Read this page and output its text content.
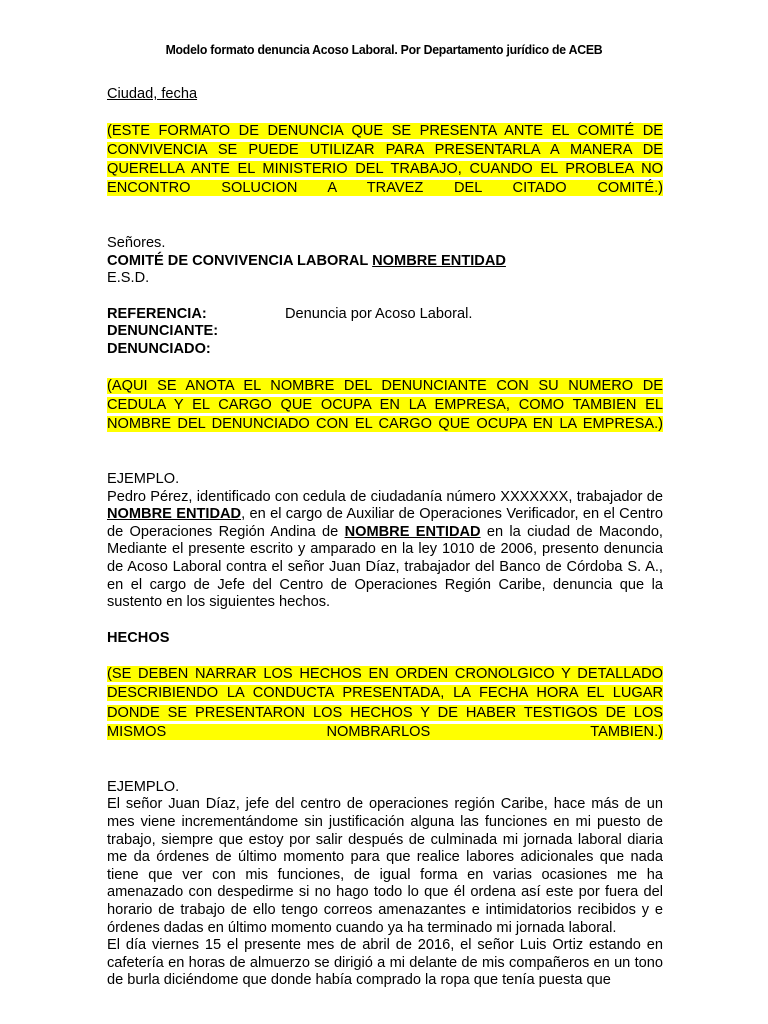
Modelo formato denuncia Acoso Laboral. Por Departamento jurídico de ACEB

Ciudad, fecha

(ESTE FORMATO DE DENUNCIA QUE SE PRESENTA ANTE EL COMITÉ DE CONVIVENCIA SE PUEDE UTILIZAR PARA PRESENTARLA A MANERA DE QUERELLA ANTE EL MINISTERIO DEL TRABAJO, CUANDO EL PROBLEA NO ENCONTRO SOLUCION A TRAVEZ DEL CITADO COMITÉ.)

Señores.

COMITÉ DE CONVIVENCIA LABORAL NOMBRE ENTIDAD

E.S.D.

REFERENCIA:	Denuncia por Acoso Laboral.
DENUNCIANTE:
DENUNCIADO:

(AQUI SE ANOTA EL NOMBRE DEL DENUNCIANTE CON SU NUMERO DE CEDULA Y EL CARGO QUE OCUPA EN LA EMPRESA, COMO TAMBIEN EL NOMBRE DEL DENUNCIADO CON EL CARGO QUE OCUPA EN LA EMPRESA.)

EJEMPLO.

Pedro Pérez, identificado con cedula de ciudadanía número XXXXXXX, trabajador de NOMBRE ENTIDAD, en el cargo de Auxiliar de Operaciones Verificador, en el Centro de Operaciones Región Andina de NOMBRE ENTIDAD en la ciudad de Macondo, Mediante el presente escrito y amparado en la ley 1010 de 2006, presento denuncia de Acoso Laboral contra el señor Juan Díaz, trabajador del Banco de Córdoba S. A., en el cargo de Jefe del Centro de Operaciones Región Caribe, denuncia que la sustento en los siguientes hechos.

HECHOS

(SE DEBEN NARRAR LOS HECHOS EN ORDEN CRONOLGICO Y DETALLADO DESCRIBIENDO LA CONDUCTA PRESENTADA, LA FECHA HORA EL LUGAR DONDE SE PRESENTARON LOS HECHOS Y DE HABER TESTIGOS DE LOS MISMOS NOMBRARLOS TAMBIEN.)

EJEMPLO.

El señor Juan Díaz, jefe del centro de operaciones región Caribe, hace más de un mes viene incrementándome sin justificación alguna las funciones en mi puesto de trabajo, siempre que estoy por salir después de culminada mi jornada laboral diaria me da órdenes de último momento para que realice labores adicionales que nada tiene que ver con mis funciones, de igual forma en varias ocasiones me ha amenazado con despedirme si no hago todo lo que él ordena así este por fuera del horario de trabajo de ello tengo correos amenazantes e intimidatorios recibidos y e órdenes dadas en último momento cuando ya ha terminado mi jornada laboral.

El día viernes 15 el presente mes de abril de 2016, el señor Luis Ortiz estando en cafetería en horas de almuerzo se dirigió a mi delante de mis compañeros en un tono de burla diciéndome que donde había comprado la ropa que tenía puesta que
